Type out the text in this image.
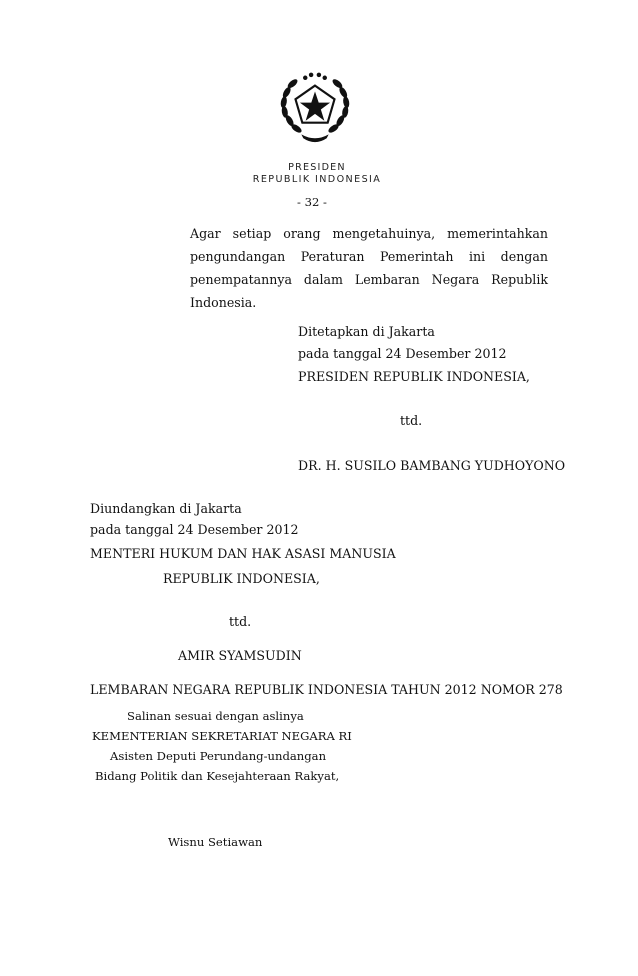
PRESIDEN
REPUBLIK INDONESIA
- 32 -
Agar setiap orang mengetahuinya, memerintahkan
pengundangan Peraturan Pemerintah ini dengan
penempatannya dalam Lembaran Negara Republik
Indonesia.
Ditetapkan di Jakarta
pada tanggal 24 Desember 2012
PRESIDEN REPUBLIK INDONESIA,
ttd.
DR. H. SUSILO BAMBANG YUDHOYONO
Diundangkan di Jakarta
pada tanggal 24 Desember 2012
MENTERI HUKUM DAN HAK ASASI MANUSIA
REPUBLIK INDONESIA,
ttd.
AMIR SYAMSUDIN
LEMBARAN NEGARA REPUBLIK INDONESIA TAHUN 2012 NOMOR 278
Salinan sesuai dengan aslinya
KEMENTERIAN SEKRETARIAT NEGARA RI
Asisten Deputi Perundang-undangan
Bidang Politik dan Kesejahteraan Rakyat,
Wisnu Setiawan
